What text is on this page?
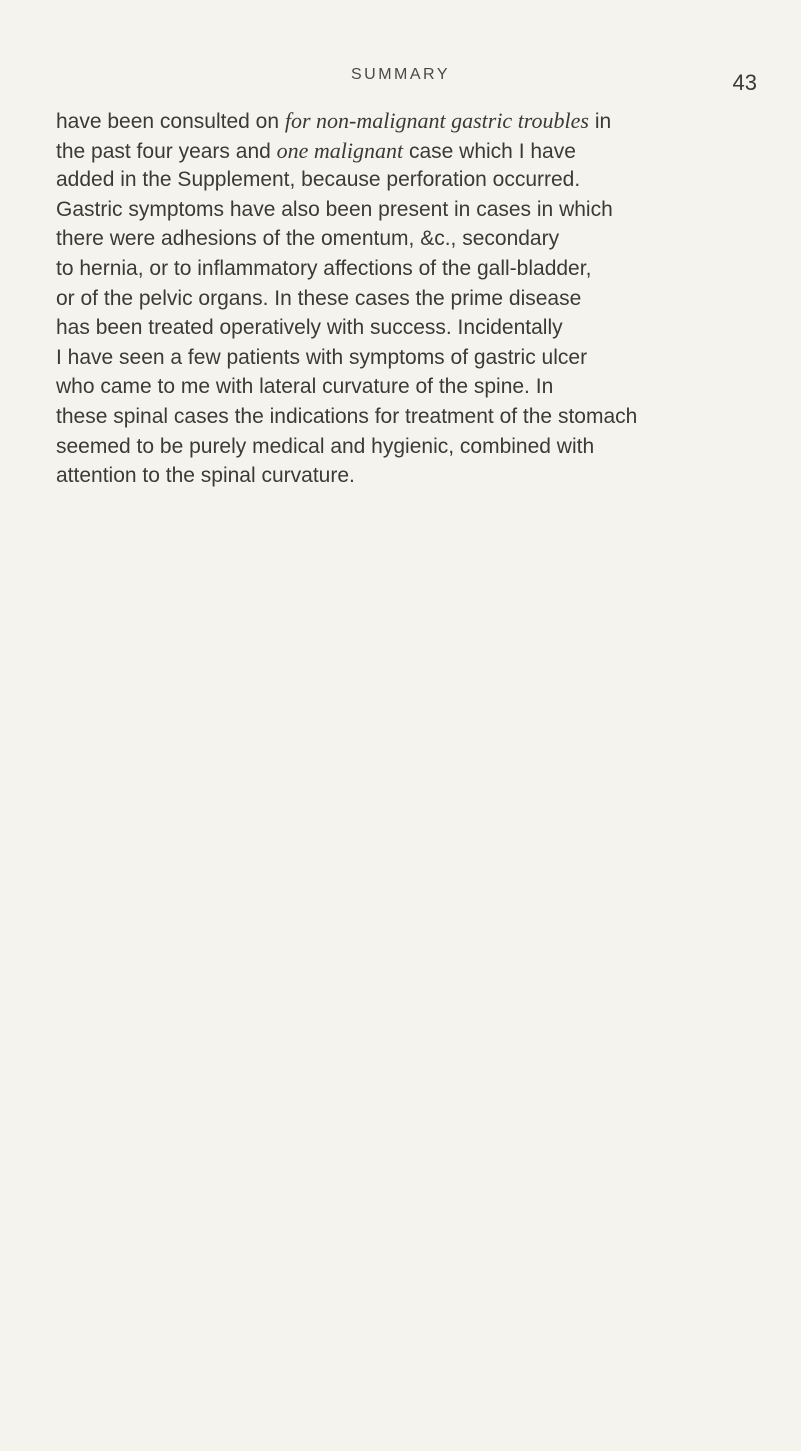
SUMMARY	43
have been consulted on for non-malignant gastric troubles in
the past four years and one malignant case which I have
added in the Supplement, because perforation occurred.
Gastric symptoms have also been present in cases in which
there were adhesions of the omentum, &c., secondary
to hernia, or to inflammatory affections of the gall-bladder,
or of the pelvic organs. In these cases the prime disease
has been treated operatively with success. Incidentally
I have seen a few patients with symptoms of gastric ulcer
who came to me with lateral curvature of the spine. In
these spinal cases the indications for treatment of the stomach
seemed to be purely medical and hygienic, combined with
attention to the spinal curvature.
